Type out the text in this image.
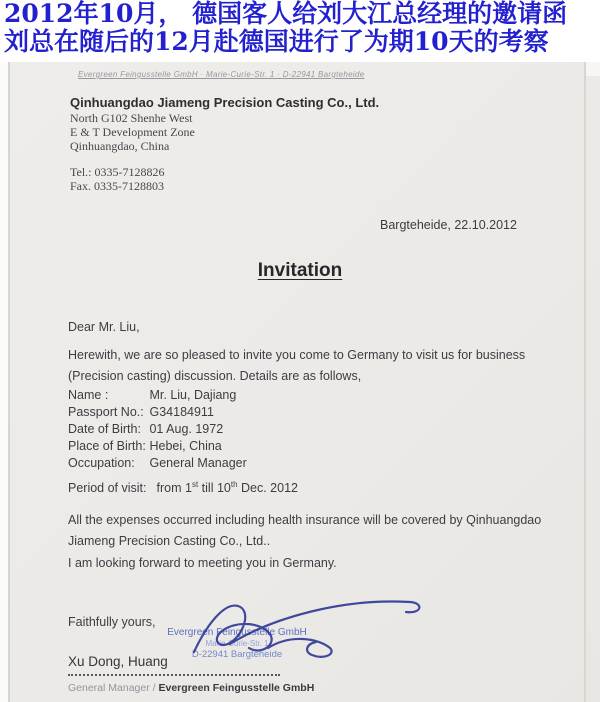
2012年10月， 德国客人给刘大江总经理的邀请函
刘总在随后的12月赴德国进行了为期10天的考察
Evergreen Feingusstelle GmbH · Marie-Curie-Str. 1 · D-22941 Bargteheide
Qinhuangdao Jiameng Precision Casting Co., Ltd.
North G102 Shenhe West
E & T Development Zone
Qinhuangdao, China
Tel.: 0335-7128826
Fax. 0335-7128803
Bargteheide, 22.10.2012
Invitation
Dear Mr. Liu,
Herewith, we are so pleased to invite you come to Germany to visit us for business (Precision casting) discussion. Details are as follows,
Name :	Mr. Liu, Dajiang
Passport No.: G34184911
Date of Birth: 01 Aug. 1972
Place of Birth: Hebei, China
Occupation: General Manager
Period of visit: from 1st till 10th Dec. 2012
All the expenses occurred including health insurance will be covered by Qinhuangdao Jiameng Precision Casting Co., Ltd..
I am looking forward to meeting you in Germany.
Faithfully yours,
Evergreen Feingusstelle GmbH
Marie-Curie-Str. 1
D-22941 Bargteheide
Xu Dong, Huang
General Manager / Evergreen Feingusstelle GmbH
